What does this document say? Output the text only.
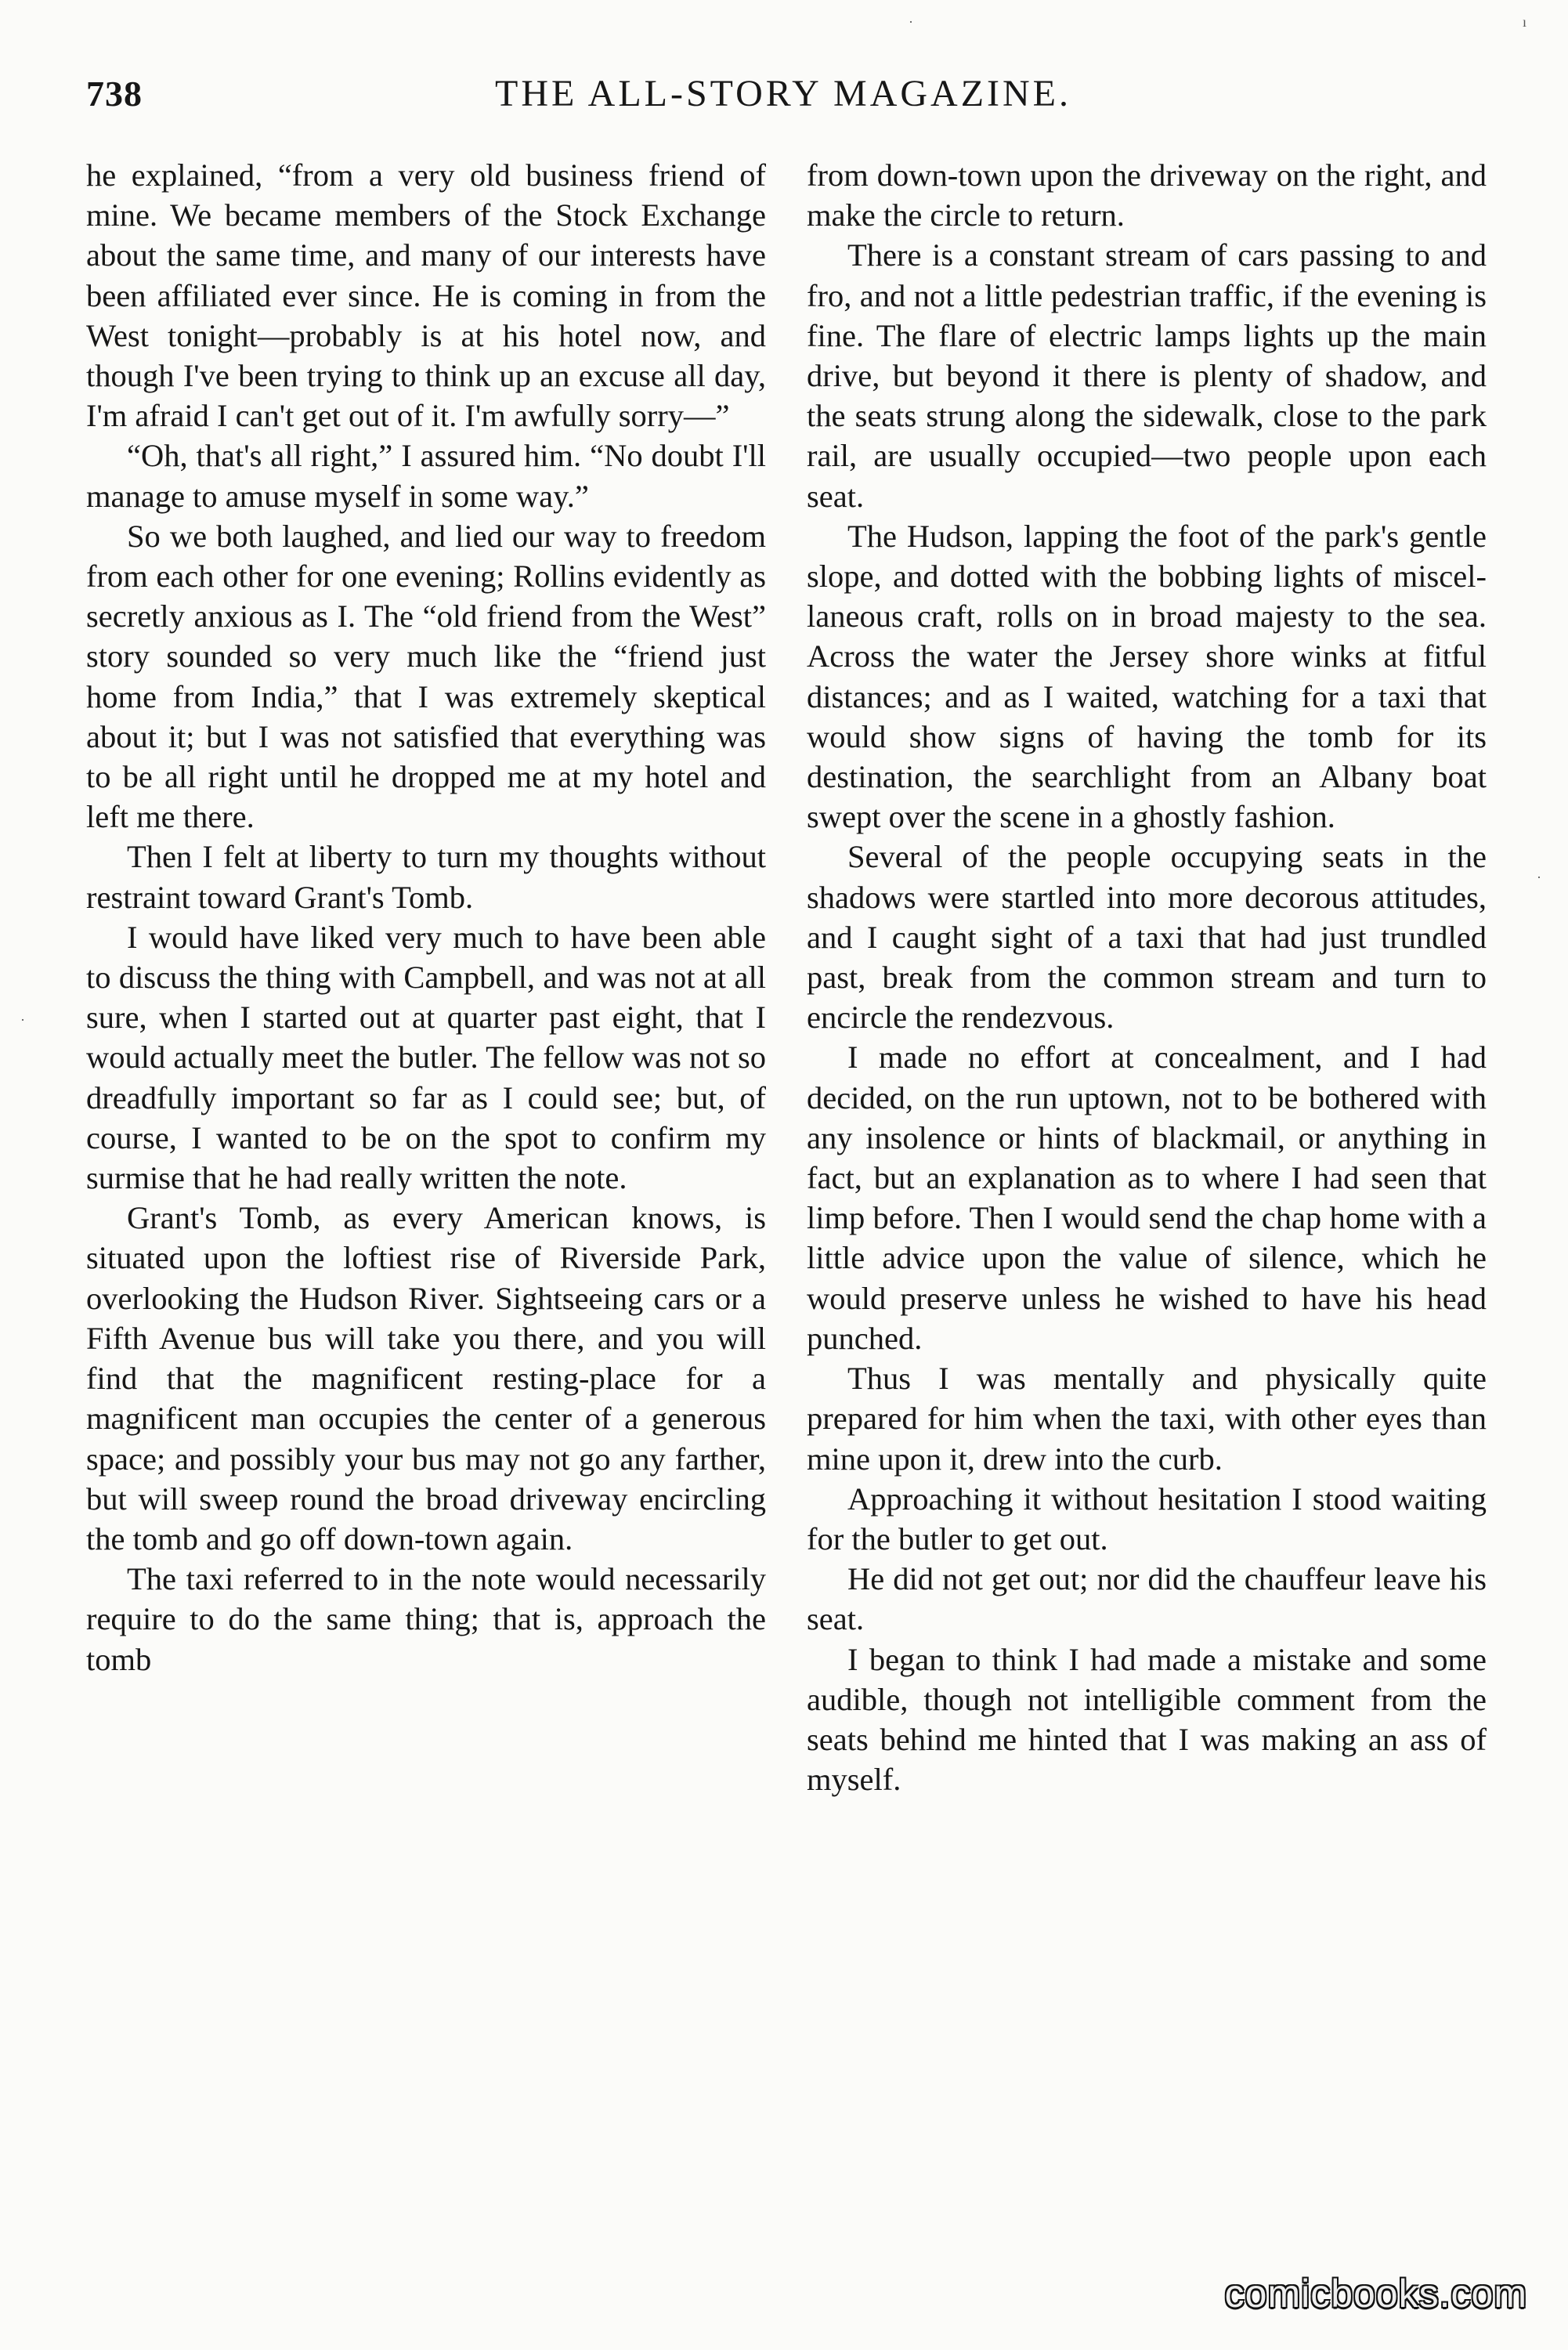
738	THE ALL-STORY MAGAZINE.

he explained, “from a very old business friend of mine. We became members of the Stock Exchange about the same time, and many of our interests have been affiliated ever since. He is coming in from the West tonight—probably is at his hotel now, and though I've been trying to think up an excuse all day, I'm afraid I can't get out of it. I'm awfully sorry—”

“Oh, that's all right,” I assured him. “No doubt I'll manage to amuse myself in some way.”

So we both laughed, and lied our way to freedom from each other for one evening; Rollins evidently as secretly anxious as I. The “old friend from the West” story sounded so very much like the “friend just home from India,” that I was extremely skeptical about it; but I was not satisfied that everything was to be all right until he dropped me at my hotel and left me there.

Then I felt at liberty to turn my thoughts without restraint toward Grant's Tomb.

I would have liked very much to have been able to discuss the thing with Campbell, and was not at all sure, when I started out at quarter past eight, that I would actually meet the butler. The fellow was not so dreadfully important so far as I could see; but, of course, I wanted to be on the spot to confirm my surmise that he had really written the note.

Grant's Tomb, as every American knows, is situated upon the loftiest rise of Riverside Park, overlooking the Hudson River. Sightseeing cars or a Fifth Avenue bus will take you there, and you will find that the magnificent resting-place for a magnificent man occupies the center of a generous space; and possibly your bus may not go any farther, but will sweep round the broad driveway encircling the tomb and go off down-town again.

The taxi referred to in the note would necessarily require to do the same thing; that is, approach the tomb

from down-town upon the driveway on the right, and make the circle to return.

There is a constant stream of cars passing to and fro, and not a little pedestrian traffic, if the evening is fine. The flare of electric lamps lights up the main drive, but beyond it there is plenty of shadow, and the seats strung along the sidewalk, close to the park rail, are usually occupied—two people upon each seat.

The Hudson, lapping the foot of the park's gentle slope, and dotted with the bobbing lights of miscellaneous craft, rolls on in broad majesty to the sea. Across the water the Jersey shore winks at fitful distances; and as I waited, watching for a taxi that would show signs of having the tomb for its destination, the searchlight from an Albany boat swept over the scene in a ghostly fashion.

Several of the people occupying seats in the shadows were startled into more decorous attitudes, and I caught sight of a taxi that had just trundled past, break from the common stream and turn to encircle the rendezvous.

I made no effort at concealment, and I had decided, on the run uptown, not to be bothered with any insolence or hints of blackmail, or anything in fact, but an explanation as to where I had seen that limp before. Then I would send the chap home with a little advice upon the value of silence, which he would preserve unless he wished to have his head punched.

Thus I was mentally and physically quite prepared for him when the taxi, with other eyes than mine upon it, drew into the curb.

Approaching it without hesitation I stood waiting for the butler to get out.

He did not get out; nor did the chauffeur leave his seat.

I began to think I had made a mistake and some audible, though not intelligible comment from the seats behind me hinted that I was making an ass of myself.

·	ı
·
·
comicbooks.com
